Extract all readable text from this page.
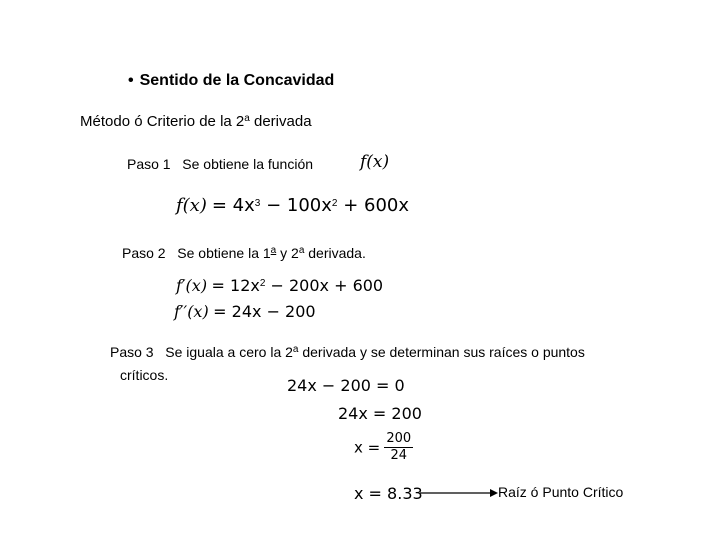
• Sentido de la Concavidad
Método ó Criterio de la 2$^a$ derivada
Paso 1 Se obtiene la función	f(x)
$f(x) = 4x^3 - 100x^2 + 600x$
Paso 2 Se obtiene la 1$^a$ y 2$^a$ derivada.
$f'(x) = 12x^2 - 200x + 600$
f′′(x) = 24x − 200
Paso 3 Se iguala a cero la 2$^a$ derivada y se determinan sus raíces o puntos
críticos.
24x − 200 = 0
24x = 200
$x = \frac{200}{24}$
x = 8.33	Raíz ó Punto Crítico
